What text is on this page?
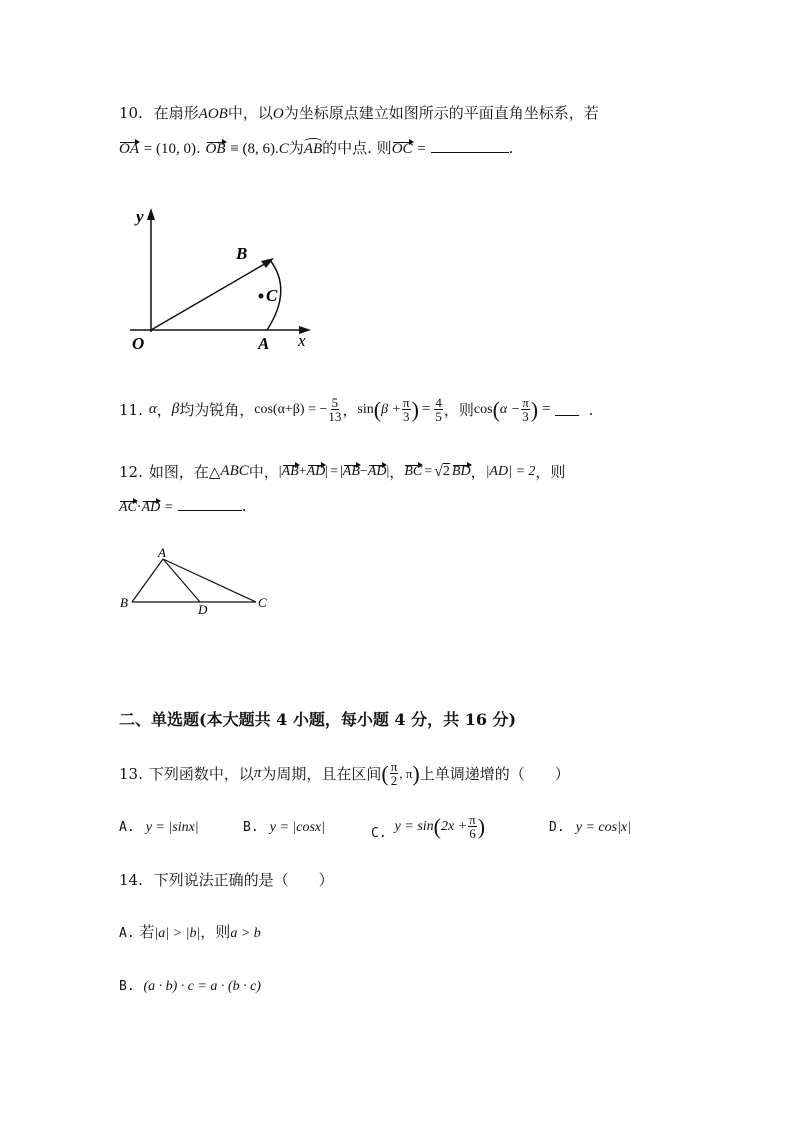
10. 在扇形AOB中，以O为坐标原点建立如图所示的平面直角坐标系，若
OA = (10, 0). OB ≡ (8, 6).C为AB的中点. 则OC =	.
y
x
O	A
B
C
11. α ， β 均为锐角， cos(α+β) = − $\frac{5}{13}$ ， sin ( $\beta + \frac{\pi}{3}$ ) = $\frac{4}{5}$ ，则 cos ( $\alpha - \frac{\pi}{3}$ ) =	.
12. 如图，在△ ABC 中， | AB + AD | = | AB − AD | ， BC = √ 2 BD ， |AD| = 2 ，则
AC·AD =	.
A
B	C
D
二、单选题(本大题共 4 小题，每小题 4 分，共 16 分)
13. 下列函数中，以 π 为周期，且在区间 ( $\frac{\pi}{2}$ , π ) 上单调递增的（　　）
A. y = |sinx|	B. y = |cosx|	C. y = sin ( $2x + \frac{\pi}{6}$ )	D. y = cos|x|
14. 下列说法正确的是（　　）
A. 若|a| > |b|，则a > b
B. (a · b) · c = a · (b · c)
